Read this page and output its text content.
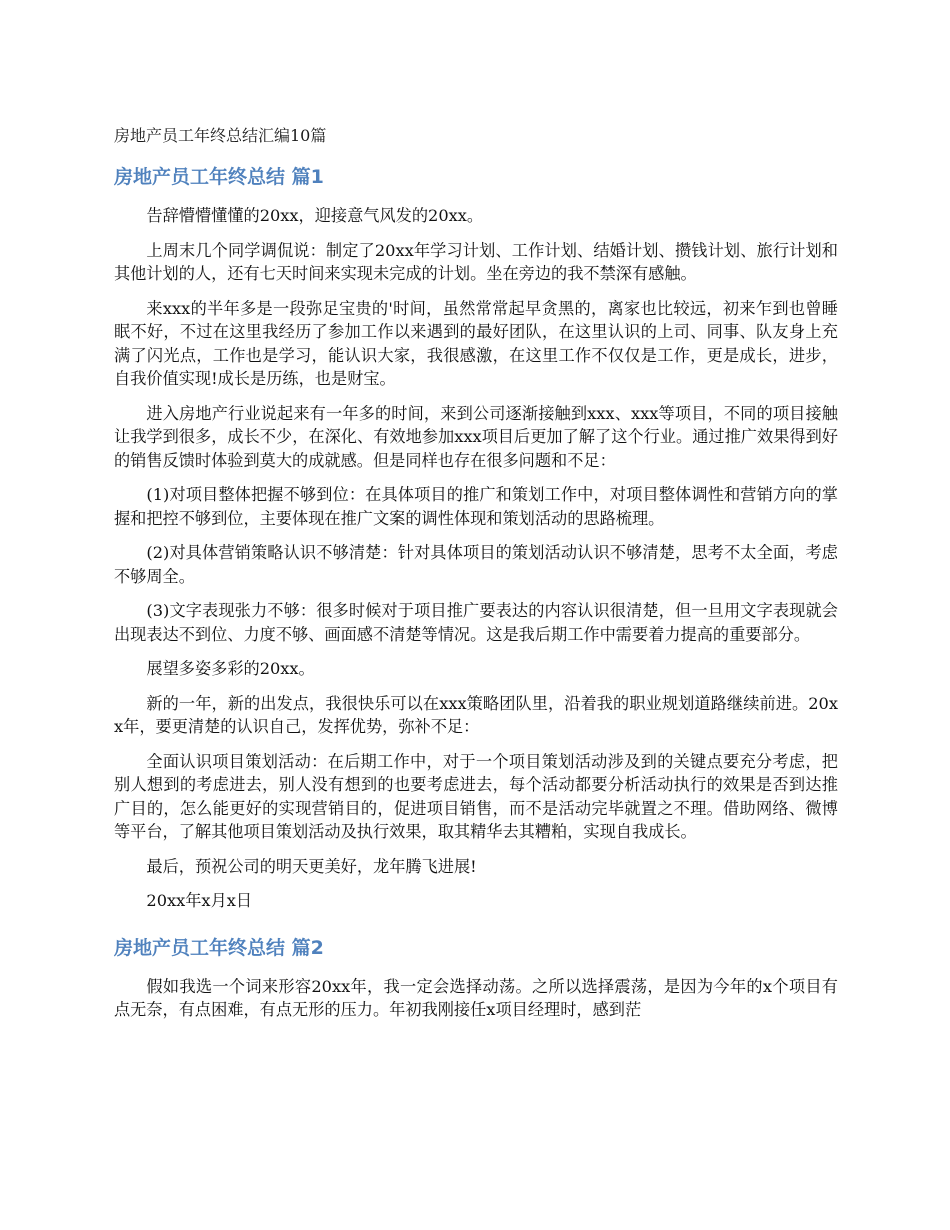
房地产员工年终总结汇编10篇
房地产员工年终总结 篇1

告辞懵懵懂懂的20xx，迎接意气风发的20xx。

上周末几个同学调侃说：制定了20xx年学习计划、工作计划、结婚计划、攒钱计划、旅行计划和其他计划的人，还有七天时间来实现未完成的计划。坐在旁边的我不禁深有感触。

来xxx的半年多是一段弥足宝贵的'时间，虽然常常起早贪黑的，离家也比较远，初来乍到也曾睡眠不好，不过在这里我经历了参加工作以来遇到的最好团队，在这里认识的上司、同事、队友身上充满了闪光点，工作也是学习，能认识大家，我很感激，在这里工作不仅仅是工作，更是成长，进步，自我价值实现!成长是历练，也是财宝。

进入房地产行业说起来有一年多的时间，来到公司逐渐接触到xxx、xxx等项目，不同的项目接触让我学到很多，成长不少，在深化、有效地参加xxx项目后更加了解了这个行业。通过推广效果得到好的销售反馈时体验到莫大的成就感。但是同样也存在很多问题和不足：

(1)对项目整体把握不够到位：在具体项目的推广和策划工作中，对项目整体调性和营销方向的掌握和把控不够到位，主要体现在推广文案的调性体现和策划活动的思路梳理。

(2)对具体营销策略认识不够清楚：针对具体项目的策划活动认识不够清楚，思考不太全面，考虑不够周全。

(3)文字表现张力不够：很多时候对于项目推广要表达的内容认识很清楚，但一旦用文字表现就会出现表达不到位、力度不够、画面感不清楚等情况。这是我后期工作中需要着力提高的重要部分。

展望多姿多彩的20xx。

新的一年，新的出发点，我很快乐可以在xxx策略团队里，沿着我的职业规划道路继续前进。20xx年，要更清楚的认识自己，发挥优势，弥补不足：

全面认识项目策划活动：在后期工作中，对于一个项目策划活动涉及到的关键点要充分考虑，把别人想到的考虑进去，别人没有想到的也要考虑进去，每个活动都要分析活动执行的效果是否到达推广目的，怎么能更好的实现营销目的，促进项目销售，而不是活动完毕就置之不理。借助网络、微博等平台，了解其他项目策划活动及执行效果，取其精华去其糟粕，实现自我成长。

最后，预祝公司的明天更美好，龙年腾飞进展!

20xx年x月x日

房地产员工年终总结 篇2

假如我选一个词来形容20xx年，我一定会选择动荡。之所以选择震荡，是因为今年的x个项目有点无奈，有点困难，有点无形的压力。年初我刚接任x项目经理时，感到茫
